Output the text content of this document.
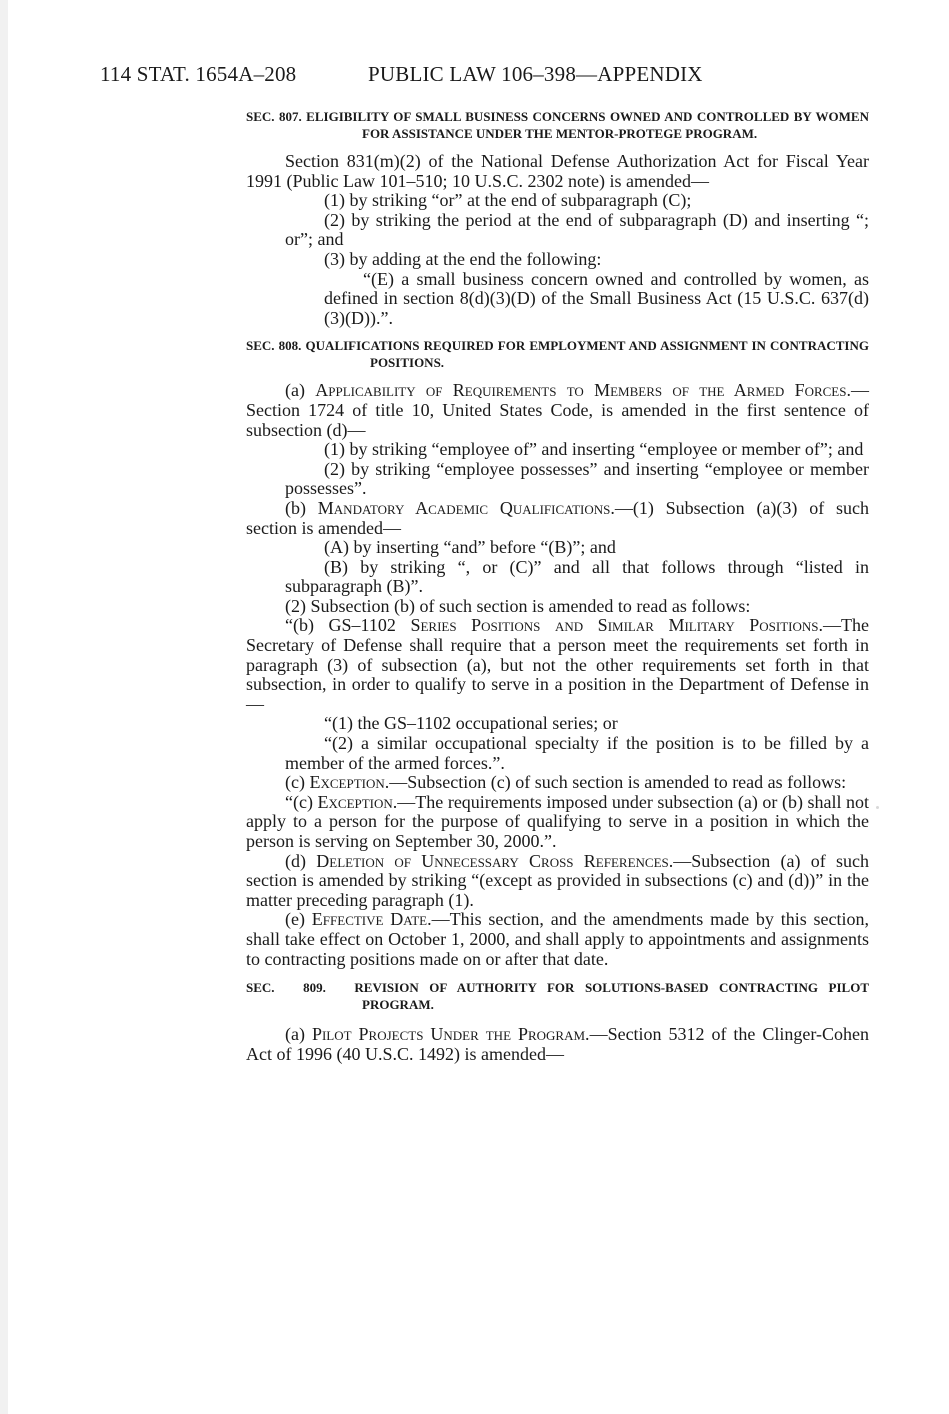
114 STAT. 1654A–208	PUBLIC LAW 106–398—APPENDIX
SEC. 807. ELIGIBILITY OF SMALL BUSINESS CONCERNS OWNED AND CONTROLLED BY WOMEN FOR ASSISTANCE UNDER THE MENTOR-PROTEGE PROGRAM.

Section 831(m)(2) of the National Defense Authorization Act for Fiscal Year 1991 (Public Law 101–510; 10 U.S.C. 2302 note) is amended—

(1) by striking “or” at the end of subparagraph (C);

(2) by striking the period at the end of subparagraph (D) and inserting “; or”; and

(3) by adding at the end the following:

“(E) a small business concern owned and controlled by women, as defined in section 8(d)(3)(D) of the Small Business Act (15 U.S.C. 637(d)(3)(D)).”.

SEC. 808. QUALIFICATIONS REQUIRED FOR EMPLOYMENT AND ASSIGNMENT IN CONTRACTING POSITIONS.

(a) Applicability of Requirements to Members of the Armed Forces.—Section 1724 of title 10, United States Code, is amended in the first sentence of subsection (d)—

(1) by striking “employee of” and inserting “employee or member of”; and

(2) by striking “employee possesses” and inserting “employee or member possesses”.

(b) Mandatory Academic Qualifications.—(1) Subsection (a)(3) of such section is amended—

(A) by inserting “and” before “(B)”; and

(B) by striking “, or (C)” and all that follows through “listed in subparagraph (B)”.

(2) Subsection (b) of such section is amended to read as follows:

“(b) GS–1102 Series Positions and Similar Military Positions.—The Secretary of Defense shall require that a person meet the requirements set forth in paragraph (3) of subsection (a), but not the other requirements set forth in that subsection, in order to qualify to serve in a position in the Department of Defense in—

“(1) the GS–1102 occupational series; or

“(2) a similar occupational specialty if the position is to be filled by a member of the armed forces.”.

(c) Exception.—Subsection (c) of such section is amended to read as follows:

“(c) Exception.—The requirements imposed under subsection (a) or (b) shall not apply to a person for the purpose of qualifying to serve in a position in which the person is serving on September 30, 2000.”.

(d) Deletion of Unnecessary Cross References.—Subsection (a) of such section is amended by striking “(except as provided in subsections (c) and (d))” in the matter preceding paragraph (1).

(e) Effective Date.—This section, and the amendments made by this section, shall take effect on October 1, 2000, and shall apply to appointments and assignments to contracting positions made on or after that date.

SEC. 809. REVISION OF AUTHORITY FOR SOLUTIONS-BASED CONTRACTING PILOT PROGRAM.

(a) Pilot Projects Under the Program.—Section 5312 of the Clinger-Cohen Act of 1996 (40 U.S.C. 1492) is amended—
